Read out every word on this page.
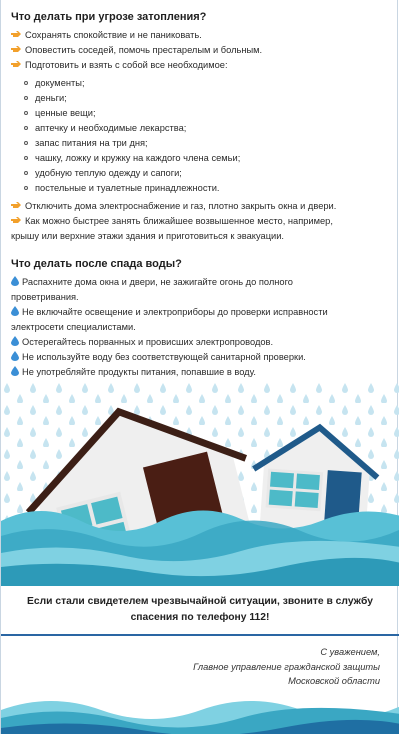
Что делать при угрозе затопления?
Сохранять спокойствие и не паниковать.
Оповестить соседей, помочь престарелым и больным.
Подготовить и взять с собой все необходимое:
документы;
деньги;
ценные вещи;
аптечку и необходимые лекарства;
запас питания на три дня;
чашку, ложку и кружку на каждого члена семьи;
удобную теплую одежду и сапоги;
постельные и туалетные принадлежности.
Отключить дома электроснабжение и газ, плотно закрыть окна и двери.
Как можно быстрее занять ближайшее возвышенное место, например,
крышу или верхние этажи здания и приготовиться к эвакуации.
Что делать после спада воды?
Распахните дома окна и двери, не зажигайте огонь до полного
проветривания.
Не включайте освещение и электроприборы до проверки исправности
электросети специалистами.
Остерегайтесь порванных и провисших электропроводов.
Не используйте воду без соответствующей санитарной проверки.
Не употребляйте продукты питания, попавшие в воду.
Если стали свидетелем чрезвычайной ситуации, звоните в службу
спасения по телефону 112!
С уважением,
Главное управление гражданской защиты
Московской области
